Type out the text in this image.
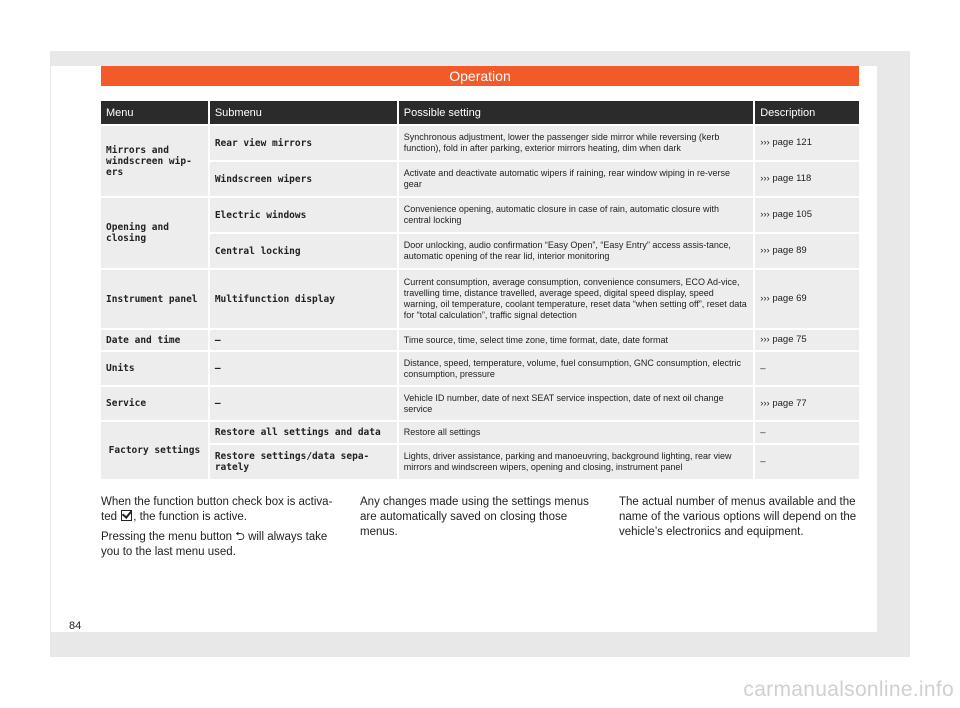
Operation
Menu	Submenu	Possible setting	Description
Mirrors and windscreen wip-ers	Rear view mirrors	Synchronous adjustment, lower the passenger side mirror while reversing (kerb function), fold in after parking, exterior mirrors heating, dim when dark	››› page 121
	Windscreen wipers	Activate and deactivate automatic wipers if raining, rear window wiping in re-verse gear	››› page 118
Opening and closing	Electric windows	Convenience opening, automatic closure in case of rain, automatic closure with central locking	››› page 105
	Central locking	Door unlocking, audio confirmation “Easy Open”, “Easy Entry” access assis-tance, automatic opening of the rear lid, interior monitoring	››› page 89
Instrument panel	Multifunction display	Current consumption, average consumption, convenience consumers, ECO Ad-vice, travelling time, distance travelled, average speed, digital speed display, speed warning, oil temperature, coolant temperature, reset data “when setting off”, reset data for “total calculation”, traffic signal detection	››› page 69
Date and time	–	Time source, time, select time zone, time format, date, date format	››› page 75
Units	–	Distance, speed, temperature, volume, fuel consumption, GNC consumption, electric consumption, pressure	–
Service	–	Vehicle ID number, date of next SEAT service inspection, date of next oil change service	››› page 77
Factory settings	Restore all settings and data	Restore all settings	–
	Restore settings/data sepa-rately	Lights, driver assistance, parking and manoeuvring, background lighting, rear view mirrors and windscreen wipers, opening and closing, instrument panel	–

When the function button check box is activa-ted , the function is active.

Pressing the menu button ⮌ will always take you to the last menu used.

Any changes made using the settings menus are automatically saved on closing those menus.

The actual number of menus available and the name of the various options will depend on the vehicle’s electronics and equipment.

84
carmanualsonline.info
